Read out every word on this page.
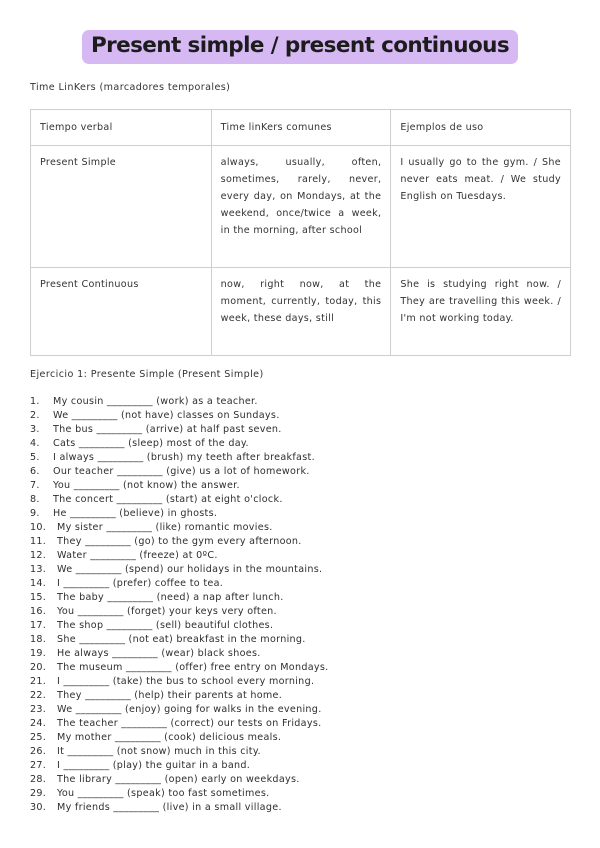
Present simple / present continuous
Time LinKers (marcadores temporales)
Tiempo verbal	Time linKers comunes	Ejemplos de uso
Present Simple	always, usually, often, sometimes, rarely, never, every day, on Mondays, at the weekend, once/twice a week, in the morning, after school	I usually go to the gym. / She never eats meat. / We study English on Tuesdays.
Present Continuous	now, right now, at the moment, currently, today, this week, these days, still	She is studying right now. / They are travelling this week. / I'm not working today.
Ejercicio 1: Presente Simple (Present Simple)
1.	My cousin _________ (work) as a teacher.
2.	We _________ (not have) classes on Sundays.
3.	The bus _________ (arrive) at half past seven.
4.	Cats _________ (sleep) most of the day.
5.	I always _________ (brush) my teeth after breakfast.
6.	Our teacher _________ (give) us a lot of homework.
7.	You _________ (not know) the answer.
8.	The concert _________ (start) at eight o'clock.
9.	He _________ (believe) in ghosts.
10.	My sister _________ (like) romantic movies.
11.	They _________ (go) to the gym every afternoon.
12.	Water _________ (freeze) at 0ºC.
13.	We _________ (spend) our holidays in the mountains.
14.	I _________ (prefer) coffee to tea.
15.	The baby _________ (need) a nap after lunch.
16.	You _________ (forget) your keys very often.
17.	The shop _________ (sell) beautiful clothes.
18.	She _________ (not eat) breakfast in the morning.
19.	He always _________ (wear) black shoes.
20.	The museum _________ (offer) free entry on Mondays.
21.	I _________ (take) the bus to school every morning.
22.	They _________ (help) their parents at home.
23.	We _________ (enjoy) going for walks in the evening.
24.	The teacher _________ (correct) our tests on Fridays.
25.	My mother _________ (cook) delicious meals.
26.	It _________ (not snow) much in this city.
27.	I _________ (play) the guitar in a band.
28.	The library _________ (open) early on weekdays.
29.	You _________ (speak) too fast sometimes.
30.	My friends _________ (live) in a small village.
